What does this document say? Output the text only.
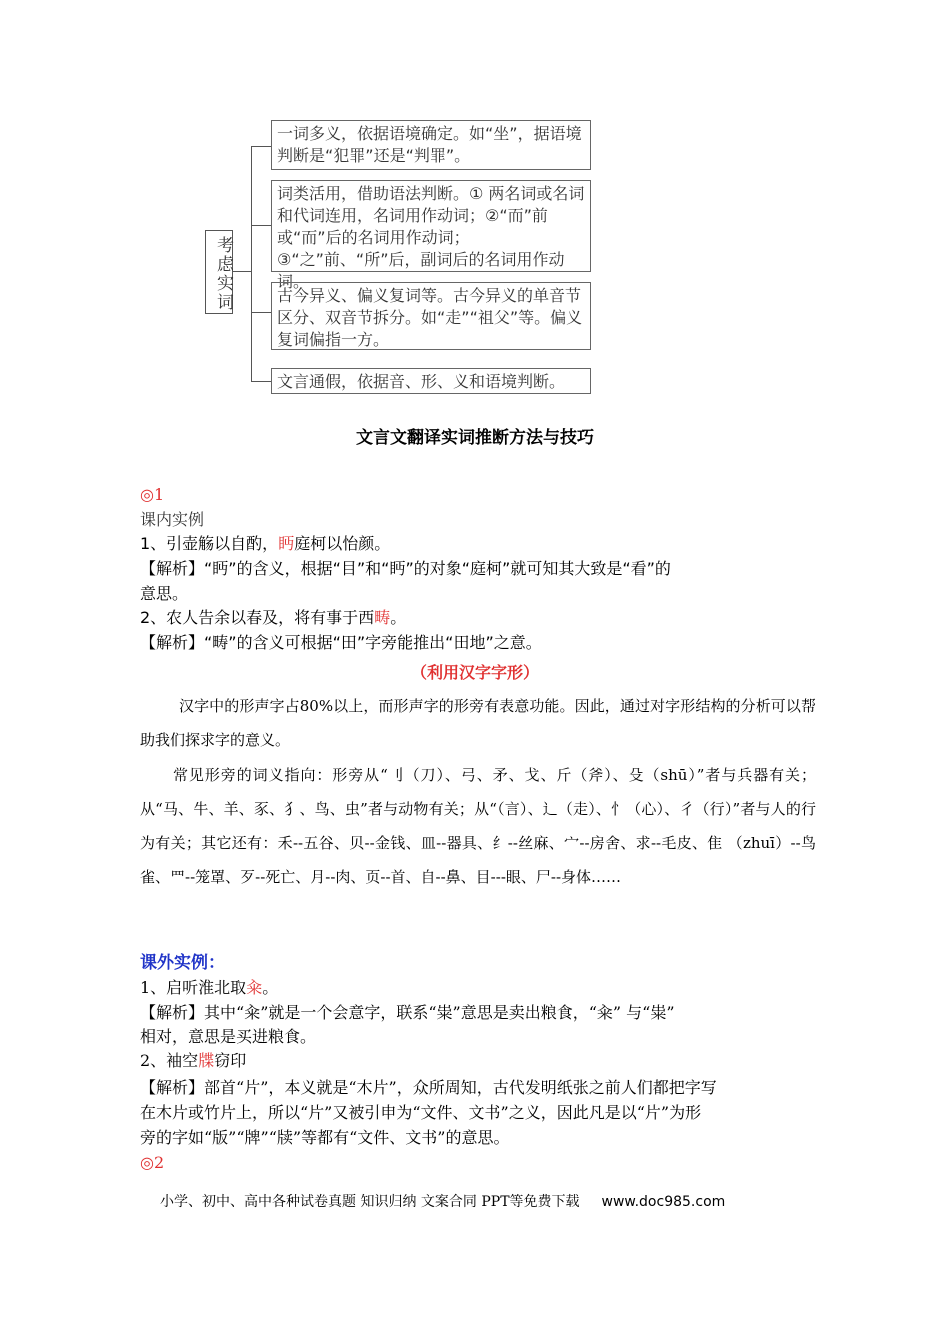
考虑实词
一词多义，依据语境确定。如“坐”，据语境判断是“犯罪”还是“判罪”。
词类活用，借助语法判断。① 两名词或名词和代词连用，名词用作动词；②“而”前或“而”后的名词用作动词；③“之”前、“所”后，副词后的名词用作动词。
古今异义、偏义复词等。古今异义的单音节区分、双音节拆分。如“走”“祖父”等。偏义复词偏指一方。
文言通假，依据音、形、义和语境判断。
文言文翻译实词推断方法与技巧
◎1
课内实例
1、引壶觞以自酌，眄庭柯以怡颜。
【解析】“眄”的含义，根据“目”和“眄”的对象“庭柯”就可知其大致是“看”的
意思。
2、农人告余以春及，将有事于西畴。
【解析】“畴”的含义可根据“田”字旁能推出“田地”之意。
（利用汉字字形）
汉字中的形声字占80%以上，而形声字的形旁有表意功能。因此，通过对字形结构的分析可以帮助我们探求字的意义。
常见形旁的词义指向：形旁从“刂（刀）、弓、矛、戈、斤（斧）、殳（shū）”者与兵器有关；从“马、牛、羊、豕、犭、鸟、虫”者与动物有关；从“（言）、辶（走）、忄（心）、彳（行）”者与人的行为有关；其它还有：禾--五谷、贝--金钱、皿--器具、纟--丝麻、宀--房舍、求--毛皮、隹 （zhuī）--鸟雀、罒--笼罩、歹--死亡、月--肉、页--首、自--鼻、目---眼、尸--身体……
课外实例：
1、启听淮北取籴。
【解析】其中“籴”就是一个会意字，联系“粜”意思是卖出粮食，“籴” 与“粜”
相对，意思是买进粮食。
2、袖空牒窃印
【解析】部首“片”，本义就是“木片”，众所周知，古代发明纸张之前人们都把字写
在木片或竹片上，所以“片”又被引申为“文件、文书”之义，因此凡是以“片”为形
旁的字如“版”“牌”“牍”等都有“文件、文书”的意思。
◎2
小学、初中、高中各种试卷真题 知识归纳 文案合同 PPT等免费下载 www.doc985.com
